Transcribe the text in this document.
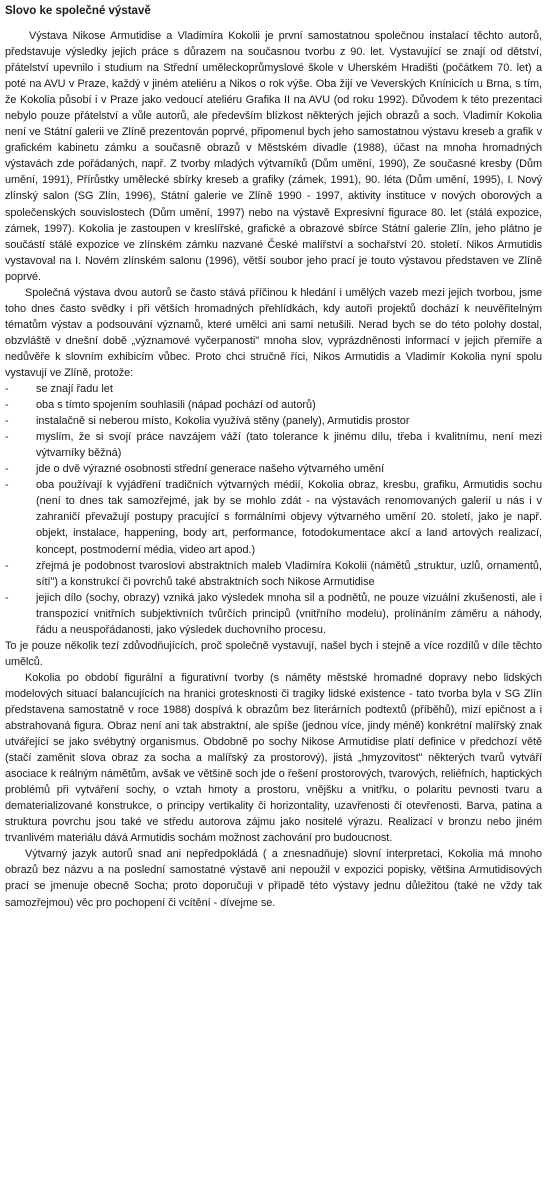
Slovo ke společné výstavě

Výstava Nikose Armutidise a Vladimíra Kokolii je první samostatnou společnou instalací těchto autorů, představuje výsledky jejich práce s důrazem na současnou tvorbu z 90. let. Vystavující se znají od dětství, přátelství upevnilo i studium na Střední uměleckoprůmyslové škole v Uherském Hradišti (počátkem 70. let) a poté na AVU v Praze, každý v jiném ateliéru a Nikos o rok výše. Oba žijí ve Veverských Knínicích u Brna, s tím, že Kokolia působí i v Praze jako vedoucí ateliéru Grafika II na AVU (od roku 1992). Důvodem k této prezentaci nebylo pouze přátelství a vůle autorů, ale především blízkost některých jejich obrazů a soch. Vladimír Kokolia není ve Státní galerii ve Zlíně prezentován poprvé, připomenul bych jeho samostatnou výstavu kreseb a grafik v grafickém kabinetu zámku a současně obrazů v Městském divadle (1988), účast na mnoha hromadných výstavách zde pořádaných, např. Z tvorby mladých výtvarníků (Dům umění, 1990), Ze současné kresby (Dům umění, 1991), Přírůstky umělecké sbírky kreseb a grafiky (zámek, 1991), 90. léta (Dům umění, 1995), I. Nový zlínský salon (SG Zlín, 1996), Státní galerie ve Zlíně 1990 - 1997, aktivity instituce v nových oborových a společenských souvislostech (Dům umění, 1997) nebo na výstavě Expresivní figurace 80. let (stálá expozice, zámek, 1997). Kokolia je zastoupen v kreslířské, grafické a obrazové sbírce Státní galerie Zlín, jeho plátno je součástí stálé expozice ve zlínském zámku nazvané České malířství a sochařství 20. století. Nikos Armutidis vystavoval na I. Novém zlínském salonu (1996), větší soubor jeho prací je touto výstavou představen ve Zlíně poprvé.

Společná výstava dvou autorů se často stává příčinou k hledání i umělých vazeb mezi jejich tvorbou, jsme toho dnes často svědky i při větších hromadných přehlídkách, kdy autoři projektů dochází k neuvěřitelným tématům výstav a podsouvání významů, které umělci ani sami netušili. Nerad bych se do této polohy dostal, obzvláště v dnešní době „významové vyčerpanosti" mnoha slov, vyprázdněnosti informací v jejich přemíře a nedůvěře k slovním exhibicím vůbec. Proto chci stručně říci, Nikos Armutidis a Vladimír Kokolia nyní spolu vystavují ve Zlíně, protože:

-	se znají řadu let
-	oba s tímto spojením souhlasili (nápad pochází od autorů)
-	instalačně si neberou místo, Kokolia využívá stěny (panely), Armutidis prostor
-	myslím, že si svojí práce navzájem váží (tato tolerance k jinému dílu, třeba i kvalitnímu, není mezi výtvarníky běžná)
-	jde o dvě výrazné osobnosti střední generace našeho výtvarného umění
-	oba používají k vyjádření tradičních výtvarných médií, Kokolia obraz, kresbu, grafiku, Armutidis sochu (není to dnes tak samozřejmé, jak by se mohlo zdát - na výstavách renomovaných galerií u nás i v zahraničí převažují postupy pracující s formálními objevy výtvarného umění 20. století, jako je např. objekt, instalace, happening, body art, performance, fotodokumentace akcí a land artových realizací, koncept, postmoderní média, video art apod.)
-	zřejmá je podobnost tvaroslovi abstraktních maleb Vladimíra Kokolii (námětů „struktur, uzlů, ornamentů, sítí") a konstrukcí či povrchů také abstraktních soch Nikose Armutidise
-	jejich dílo (sochy, obrazy) vzniká jako výsledek mnoha sil a podnětů, ne pouze vizuální zkušenosti, ale i transpozicí vnitřních subjektivních tvůrčích principů (vnitřního modelu), prolínáním záměru a náhody, řádu a neuspořádanosti, jako výsledek duchovního procesu.

To je pouze několik tezí zdůvodňujících, proč společně vystavují, našel bych i stejně a více rozdílů v díle těchto umělců.

Kokolia po období figurální a figurativní tvorby (s náměty městské hromadné dopravy nebo lidských modelových situací balancujících na hranici grotesknosti či tragiky lidské existence - tato tvorba byla v SG Zlín představena samostatně v roce 1988) dospívá k obrazům bez literárních podtextů (příběhů), mizí epičnost a i abstrahovaná figura. Obraz není ani tak abstraktní, ale spíše (jednou více, jindy méně) konkrétní malířský znak utvářející se jako svébytný organismus. Obdobně po sochy Nikose Armutidise platí definice v předchozí větě (stačí zaměnit slova obraz za socha a malířský za prostorový), jistá „hmyzovitost" některých tvarů vytváří asociace k reálným námětům, avšak ve většině soch jde o řešení prostorových, tvarových, reliéfních, haptických problémů při vytváření sochy, o vztah hmoty a prostoru, vnějšku a vnitřku, o polaritu pevnosti tvaru a dematerializované konstrukce, o principy vertikality či horizontality, uzavřenosti či otevřenosti. Barva, patina a struktura povrchu jsou také ve středu autorova zájmu jako nositelé výrazu. Realizací v bronzu nebo jiném trvanlivém materiálu dává Armutidis sochám možnost zachování pro budoucnost.

Výtvarný jazyk autorů snad ani nepředpokládá ( a znesnadňuje) slovní interpretaci, Kokolia má mnoho obrazů bez názvu a na poslední samostatné výstavě ani nepoužil v expozici popisky, většina Armutidisových prací se jmenuje obecně Socha; proto doporučuji v případě této výstavy jednu důležitou (také ne vždy tak samozřejmou) věc pro pochopení či vcítění - dívejme se.
